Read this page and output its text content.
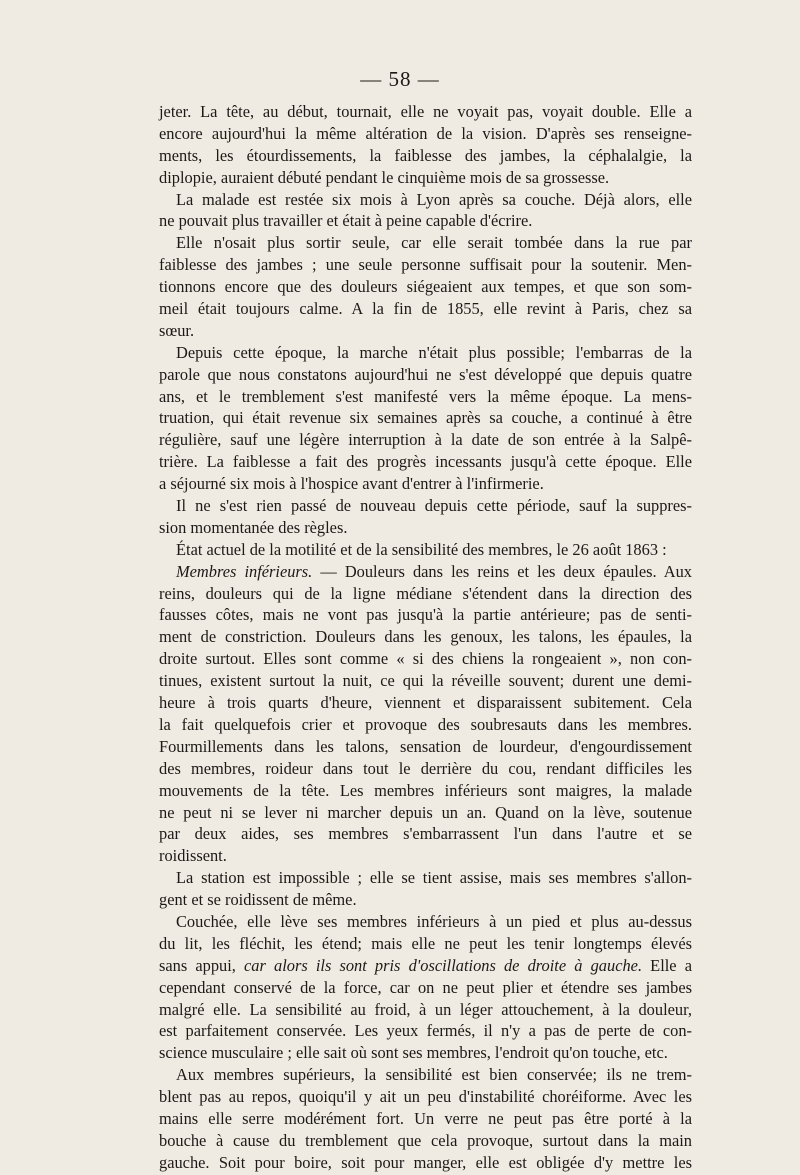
— 58 —
jeter. La tête, au début, tournait, elle ne voyait pas, voyait double. Elle a
encore aujourd'hui la même altération de la vision. D'après ses renseigne-
ments, les étourdissements, la faiblesse des jambes, la céphalalgie, la
diplopie, auraient débuté pendant le cinquième mois de sa grossesse.
La malade est restée six mois à Lyon après sa couche. Déjà alors, elle
ne pouvait plus travailler et était à peine capable d'écrire.
Elle n'osait plus sortir seule, car elle serait tombée dans la rue par
faiblesse des jambes ; une seule personne suffisait pour la soutenir. Men-
tionnons encore que des douleurs siégeaient aux tempes, et que son som-
meil était toujours calme. A la fin de 1855, elle revint à Paris, chez sa
sœur.
Depuis cette époque, la marche n'était plus possible; l'embarras de la
parole que nous constatons aujourd'hui ne s'est développé que depuis quatre
ans, et le tremblement s'est manifesté vers la même époque. La mens-
truation, qui était revenue six semaines après sa couche, a continué à être
régulière, sauf une légère interruption à la date de son entrée à la Salpê-
trière. La faiblesse a fait des progrès incessants jusqu'à cette époque. Elle
a séjourné six mois à l'hospice avant d'entrer à l'infirmerie.
Il ne s'est rien passé de nouveau depuis cette période, sauf la suppres-
sion momentanée des règles.
État actuel de la motilité et de la sensibilité des membres, le 26 août 1863 :
Membres inférieurs. — Douleurs dans les reins et les deux épaules. Aux
reins, douleurs qui de la ligne médiane s'étendent dans la direction des
fausses côtes, mais ne vont pas jusqu'à la partie antérieure; pas de senti-
ment de constriction. Douleurs dans les genoux, les talons, les épaules, la
droite surtout. Elles sont comme « si des chiens la rongeaient », non con-
tinues, existent surtout la nuit, ce qui la réveille souvent; durent une demi-
heure à trois quarts d'heure, viennent et disparaissent subitement. Cela
la fait quelquefois crier et provoque des soubresauts dans les membres.
Fourmillements dans les talons, sensation de lourdeur, d'engourdissement
des membres, roideur dans tout le derrière du cou, rendant difficiles les
mouvements de la tête. Les membres inférieurs sont maigres, la malade
ne peut ni se lever ni marcher depuis un an. Quand on la lève, soutenue
par deux aides, ses membres s'embarrassent l'un dans l'autre et se
roidissent.
La station est impossible ; elle se tient assise, mais ses membres s'allon-
gent et se roidissent de même.
Couchée, elle lève ses membres inférieurs à un pied et plus au-dessus
du lit, les fléchit, les étend; mais elle ne peut les tenir longtemps élevés
sans appui, car alors ils sont pris d'oscillations de droite à gauche. Elle a
cependant conservé de la force, car on ne peut plier et étendre ses jambes
malgré elle. La sensibilité au froid, à un léger attouchement, à la douleur,
est parfaitement conservée. Les yeux fermés, il n'y a pas de perte de con-
science musculaire ; elle sait où sont ses membres, l'endroit qu'on touche, etc.
Aux membres supérieurs, la sensibilité est bien conservée; ils ne trem-
blent pas au repos, quoiqu'il y ait un peu d'instabilité choréiforme. Avec les
mains elle serre modérément fort. Un verre ne peut pas être porté à la
bouche à cause du tremblement que cela provoque, surtout dans la main
gauche. Soit pour boire, soit pour manger, elle est obligée d'y mettre les
